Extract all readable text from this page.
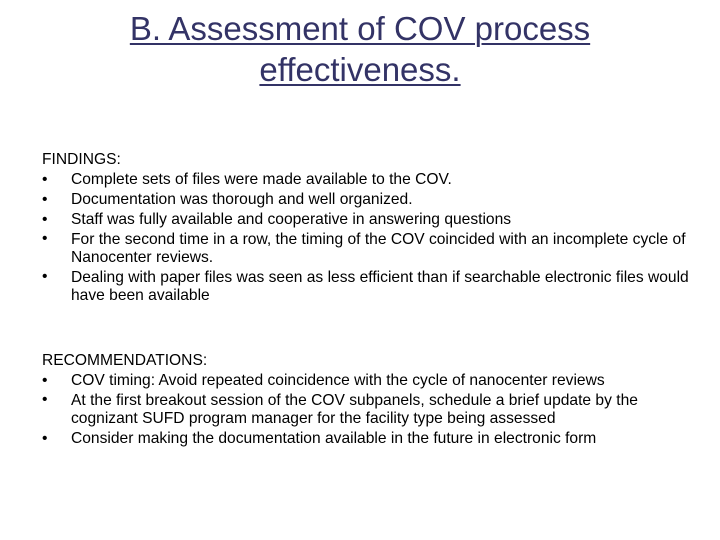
B. Assessment of COV process effectiveness.
FINDINGS:
• Complete sets of files were made available to the COV.
• Documentation was thorough and well organized.
• Staff was fully available and cooperative in answering questions
• For the second time in a row, the timing of the COV coincided with an incomplete cycle of Nanocenter reviews.
• Dealing with paper files was seen as less efficient than if searchable electronic files would have been available
RECOMMENDATIONS:
• COV timing: Avoid repeated coincidence with the cycle of nanocenter reviews
• At the first breakout session of the COV subpanels, schedule a brief update by the cognizant SUFD program manager for the facility type being assessed
• Consider making the documentation available in the future in electronic form
